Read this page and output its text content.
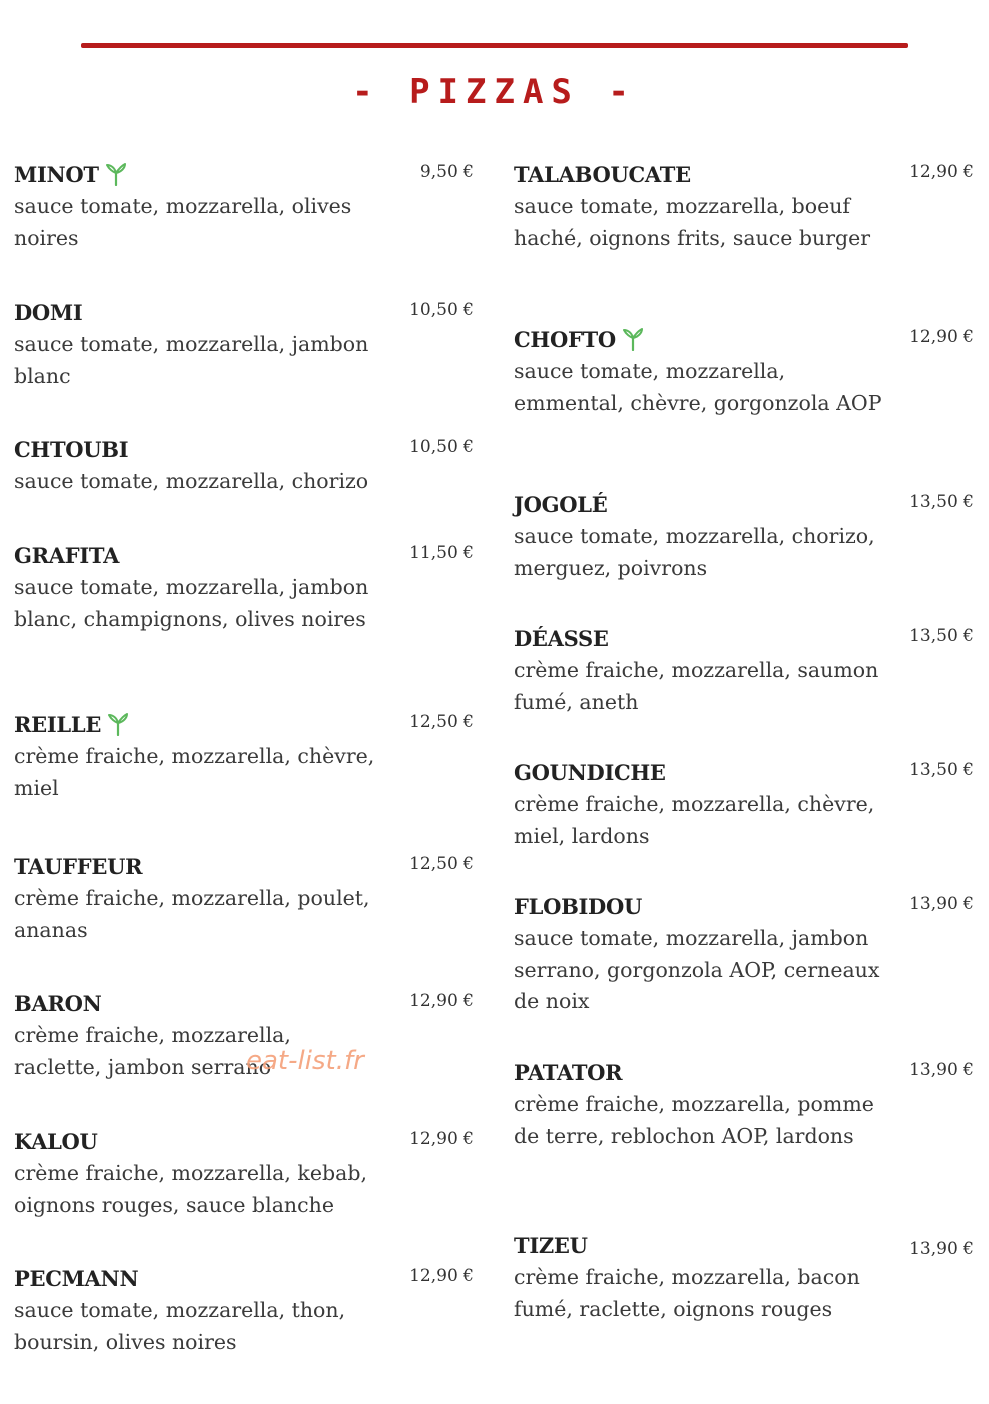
- PIZZAS -
MINOT	9,50 €
sauce tomate, mozzarella, olives noires
DOMI	10,50 €
sauce tomate, mozzarella, jambon blanc
CHTOUBI	10,50 €
sauce tomate, mozzarella, chorizo
GRAFITA	11,50 €
sauce tomate, mozzarella, jambon blanc, champignons, olives noires
REILLE	12,50 €
crème fraiche, mozzarella, chèvre, miel
TAUFFEUR	12,50 €
crème fraiche, mozzarella, poulet, ananas
BARON	12,90 €
crème fraiche, mozzarella, raclette, jambon serrano
KALOU	12,90 €
crème fraiche, mozzarella, kebab, oignons rouges, sauce blanche
PECMANN	12,90 €
sauce tomate, mozzarella, thon, boursin, olives noires
TALABOUCATE	12,90 €
sauce tomate, mozzarella, boeuf haché, oignons frits, sauce burger
CHOFTO	12,90 €
sauce tomate, mozzarella, emmental, chèvre, gorgonzola AOP
JOGOLÉ	13,50 €
sauce tomate, mozzarella, chorizo, merguez, poivrons
DÉASSE	13,50 €
crème fraiche, mozzarella, saumon fumé, aneth
GOUNDICHE	13,50 €
crème fraiche, mozzarella, chèvre, miel, lardons
FLOBIDOU	13,90 €
sauce tomate, mozzarella, jambon serrano, gorgonzola AOP, cerneaux de noix
PATATOR	13,90 €
crème fraiche, mozzarella, pomme de terre, reblochon AOP, lardons
TIZEU	13,90 €
crème fraiche, mozzarella, bacon fumé, raclette, oignons rouges
eat-list.fr
